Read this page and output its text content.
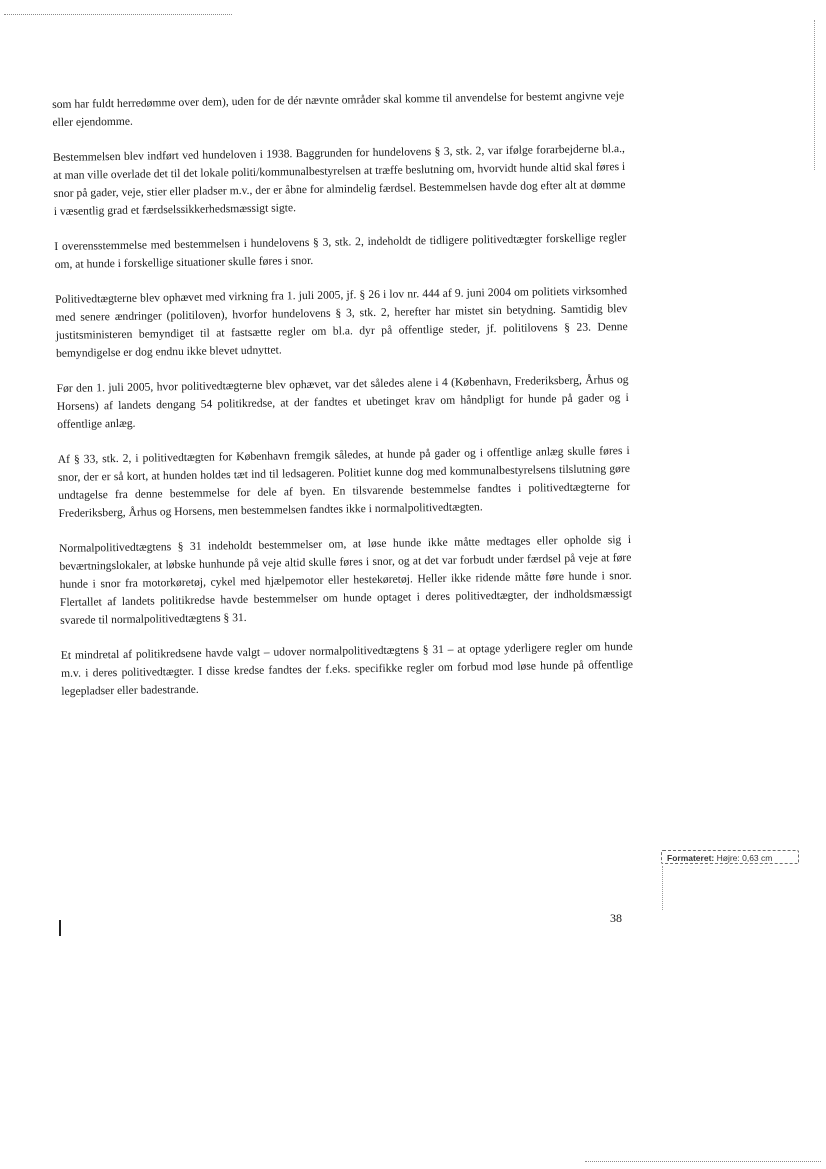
som har fuldt herredømme over dem), uden for de dér nævnte områder skal komme til anvendelse for bestemt angivne veje eller ejendomme.

Bestemmelsen blev indført ved hundeloven i 1938. Baggrunden for hundelovens § 3, stk. 2, var ifølge forarbejderne bl.a., at man ville overlade det til det lokale politi/kommunalbestyrelsen at træffe beslutning om, hvorvidt hunde altid skal føres i snor på gader, veje, stier eller pladser m.v., der er åbne for almindelig færdsel. Bestemmelsen havde dog efter alt at dømme i væsentlig grad et færdselssikkerhedsmæssigt sigte.

I overensstemmelse med bestemmelsen i hundelovens § 3, stk. 2, indeholdt de tidligere politivedtægter forskellige regler om, at hunde i forskellige situationer skulle føres i snor.

Politivedtægterne blev ophævet med virkning fra 1. juli 2005, jf. § 26 i lov nr. 444 af 9. juni 2004 om politiets virksomhed med senere ændringer (politiloven), hvorfor hundelovens § 3, stk. 2, herefter har mistet sin betydning. Samtidig blev justitsministeren bemyndiget til at fastsætte regler om bl.a. dyr på offentlige steder, jf. politilovens § 23. Denne bemyndigelse er dog endnu ikke blevet udnyttet.

Før den 1. juli 2005, hvor politivedtægterne blev ophævet, var det således alene i 4 (København, Frederiksberg, Århus og Horsens) af landets dengang 54 politikredse, at der fandtes et ubetinget krav om håndpligt for hunde på gader og i offentlige anlæg.

Af § 33, stk. 2, i politivedtægten for København fremgik således, at hunde på gader og i offentlige anlæg skulle føres i snor, der er så kort, at hunden holdes tæt ind til ledsageren. Politiet kunne dog med kommunalbestyrelsens tilslutning gøre undtagelse fra denne bestemmelse for dele af byen. En tilsvarende bestemmelse fandtes i politivedtægterne for Frederiksberg, Århus og Horsens, men bestemmelsen fandtes ikke i normalpolitivedtægten.

Normalpolitivedtægtens § 31 indeholdt bestemmelser om, at løse hunde ikke måtte medtages eller opholde sig i beværtningslokaler, at løbske hunhunde på veje altid skulle føres i snor, og at det var forbudt under færdsel på veje at føre hunde i snor fra motorkøretøj, cykel med hjælpemotor eller hestekøretøj. Heller ikke ridende måtte føre hunde i snor. Flertallet af landets politikredse havde bestemmelser om hunde optaget i deres politivedtægter, der indholdsmæssigt svarede til normalpolitivedtægtens § 31.

Et mindretal af politikredsene havde valgt – udover normalpolitivedtægtens § 31 – at optage yderligere regler om hunde m.v. i deres politivedtægter. I disse kredse fandtes der f.eks. specifikke regler om forbud mod løse hunde på offentlige legepladser eller badestrande.

Formateret: Højre: 0,63 cm
38
